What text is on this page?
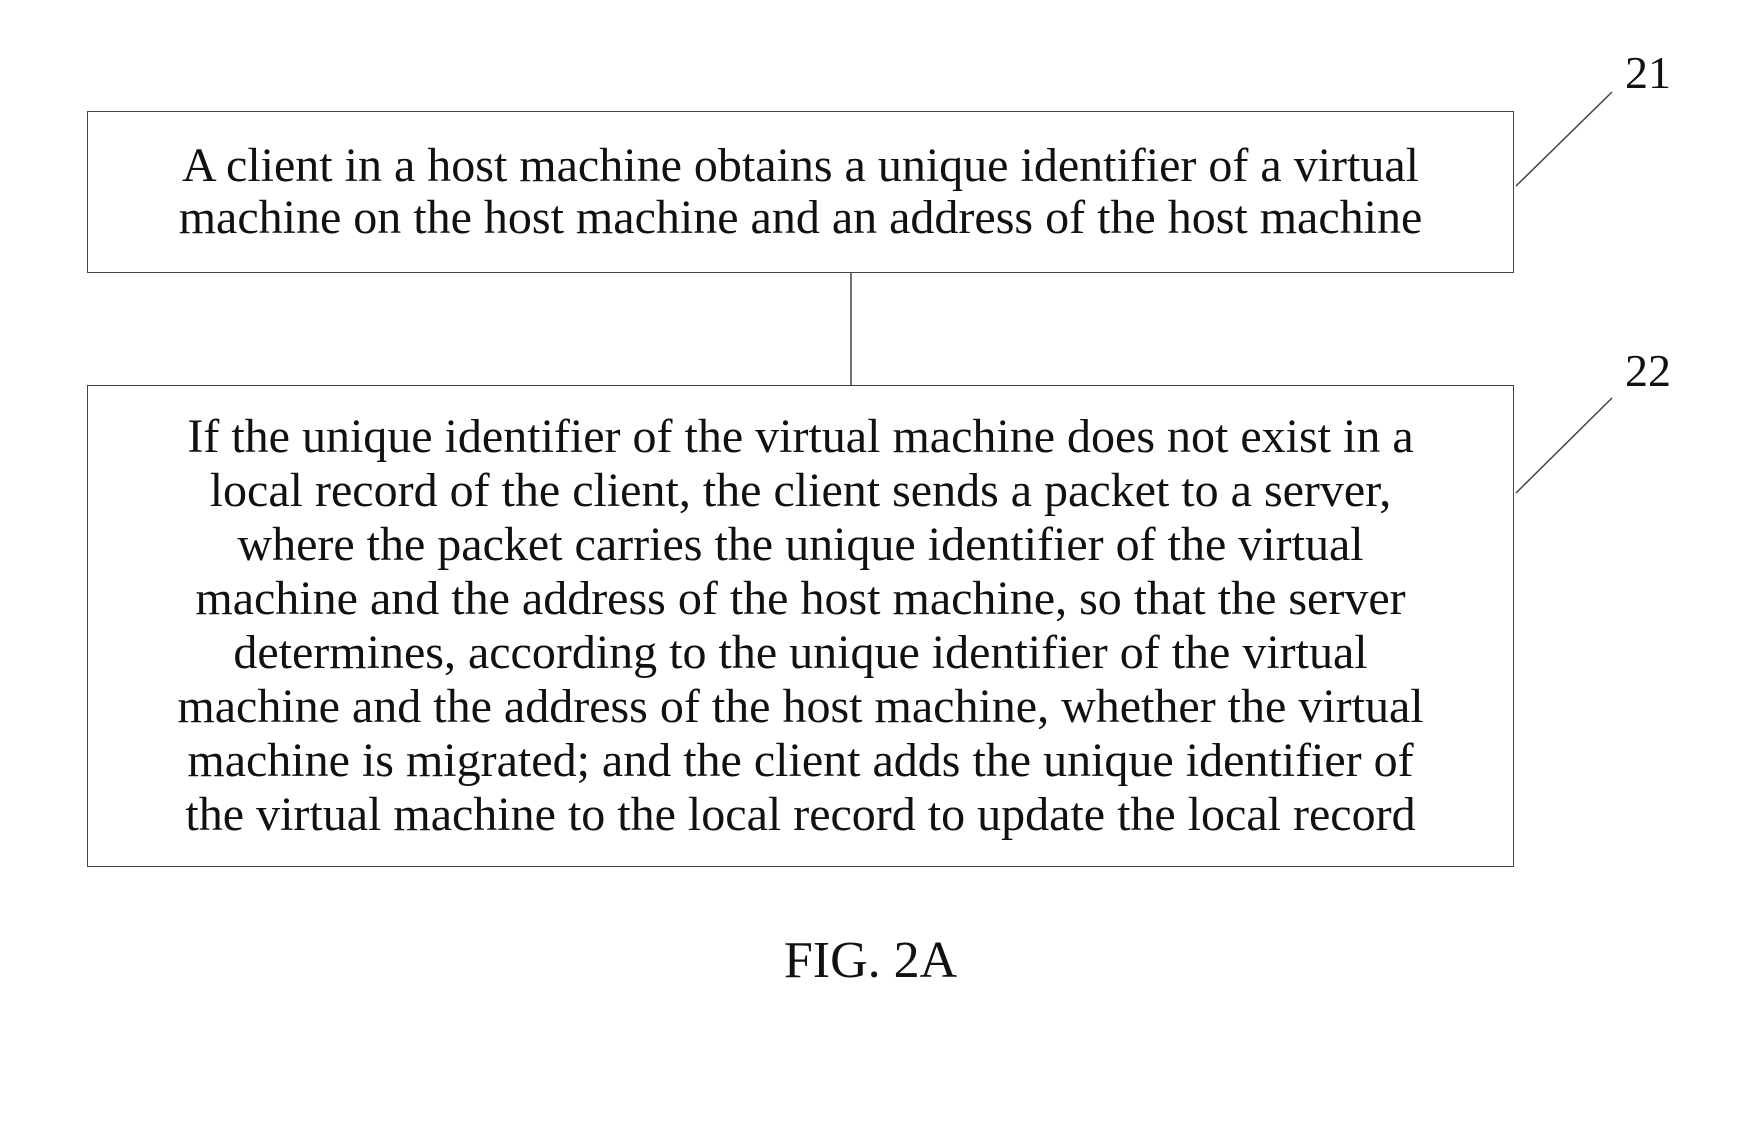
A client in a host machine obtains a unique identifier of a virtual
machine on the host machine and an address of the host machine
If the unique identifier of the virtual machine does not exist in a
local record of the client, the client sends a packet to a server,
where the packet carries the unique identifier of the virtual
machine and the address of the host machine, so that the server
determines, according to the unique identifier of the virtual
machine and the address of the host machine, whether the virtual
machine is migrated; and the client adds the unique identifier of
the virtual machine to the local record to update the local record
21
22
FIG. 2A
